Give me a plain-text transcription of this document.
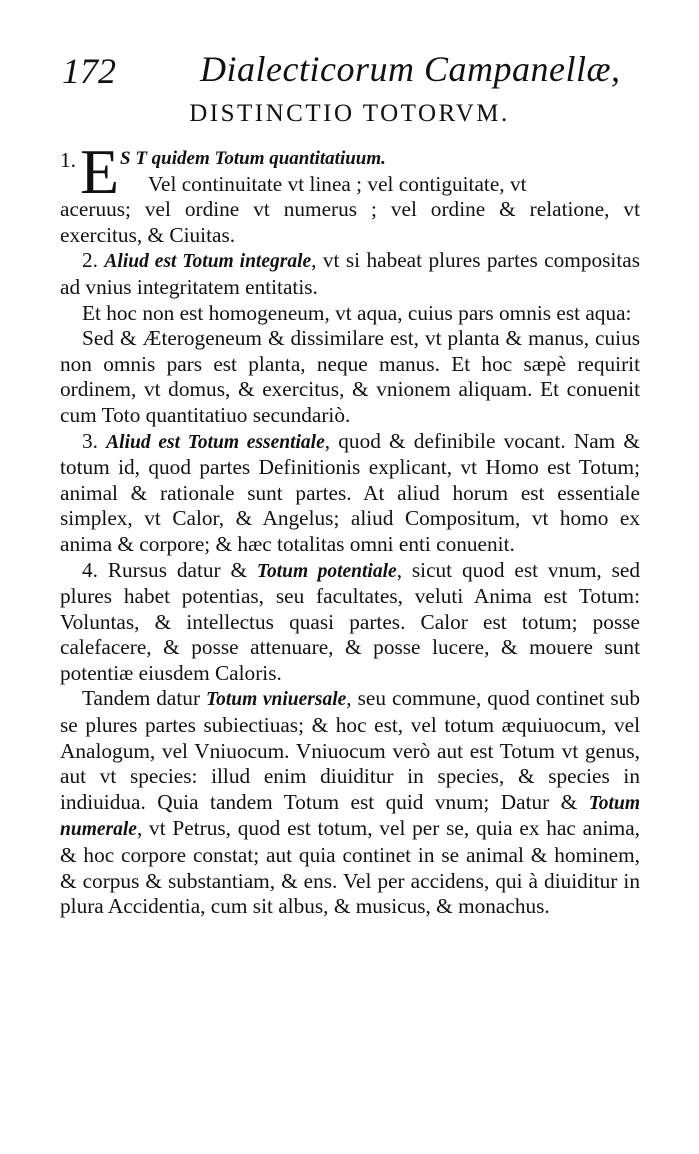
172 Dialecticorum Campanellæ,
DISTINCTIO TOTORVM.

1. E S T quidem Totum quantitatiuum.
Vel continuitate vt linea ; vel contiguitate, vt
aceruus; vel ordine vt numerus ; vel ordine & relatione, vt exercitus, & Ciuitas.

2. Aliud est Totum integrale, vt si habeat plures partes compositas ad vnius integritatem entitatis.

Et hoc non est homogeneum, vt aqua, cuius pars omnis est aqua:

Sed & Æterogeneum & dissimilare est, vt planta & manus, cuius non omnis pars est planta, neque manus. Et hoc sæpè requirit ordinem, vt domus, & exercitus, & vnionem aliquam. Et conuenit cum Toto quantitatiuo secundariò.

3. Aliud est Totum essentiale, quod & definibile vocant. Nam & totum id, quod partes Definitionis explicant, vt Homo est Totum; animal & rationale sunt partes. At aliud horum est essentiale simplex, vt Calor, & Angelus; aliud Compositum, vt homo ex anima & corpore; & hæc totalitas omni enti conuenit.

4. Rursus datur & Totum potentiale, sicut quod est vnum, sed plures habet potentias, seu facultates, veluti Anima est Totum: Voluntas, & intellectus quasi partes. Calor est totum; posse calefacere, & posse attenuare, & posse lucere, & mouere sunt potentiæ eiusdem Caloris.

Tandem datur Totum vniuersale, seu commune, quod continet sub se plures partes subiectiuas; & hoc est, vel totum æquiuocum, vel Analogum, vel Vniuocum. Vniuocum verò aut est Totum vt genus, aut vt species: illud enim diuiditur in species, & species in indiuidua. Quia tandem Totum est quid vnum; Datur & Totum numerale, vt Petrus, quod est totum, vel per se, quia ex hac anima, & hoc corpore constat; aut quia continet in se animal & hominem, & corpus & substantiam, & ens. Vel per accidens, qui à diuiditur in plura Accidentia, cum sit albus, & musicus, & monachus.
